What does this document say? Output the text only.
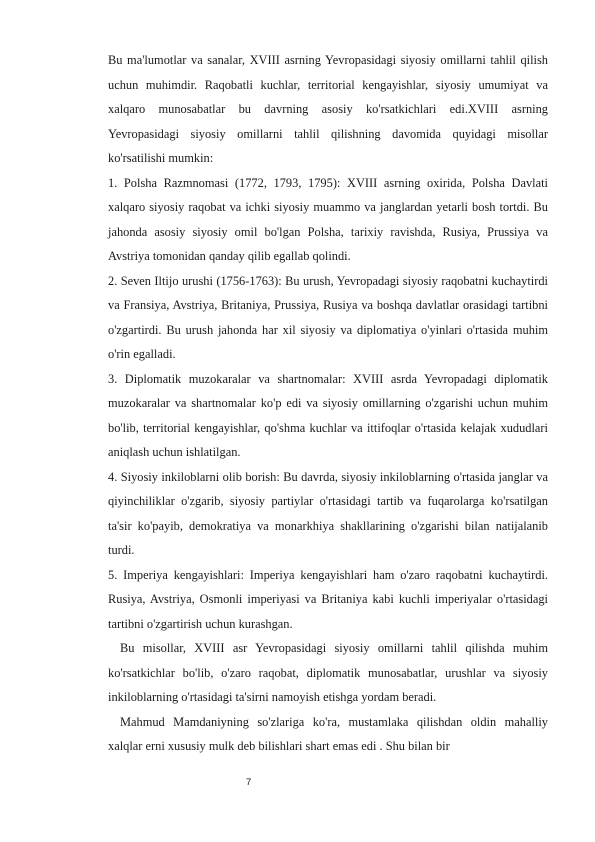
Bu ma'lumotlar va sanalar, XVIII asrning Yevropasidagi siyosiy omillarni tahlil qilish uchun muhimdir. Raqobatli kuchlar, territorial kengayishlar, siyosiy umumiyat va xalqaro munosabatlar bu davrning asosiy ko'rsatkichlari edi.XVIII asrning Yevropasidagi siyosiy omillarni tahlil qilishning davomida quyidagi misollar ko'rsatilishi mumkin:

1. Polsha Razmnomasi (1772, 1793, 1795): XVIII asrning oxirida, Polsha Davlati xalqaro siyosiy raqobat va ichki siyosiy muammo va janglardan yetarli bosh tortdi. Bu jahonda asosiy siyosiy omil bo'lgan Polsha, tarixiy ravishda, Rusiya, Prussiya va Avstriya tomonidan qanday qilib egallab qolindi.

2. Seven Iltijo urushi (1756-1763): Bu urush, Yevropadagi siyosiy raqobatni kuchaytirdi va Fransiya, Avstriya, Britaniya, Prussiya, Rusiya va boshqa davlatlar orasidagi tartibni o'zgartirdi. Bu urush jahonda har xil siyosiy va diplomatiya o'yinlari o'rtasida muhim o'rin egalladi.

3. Diplomatik muzokaralar va shartnomalar: XVIII asrda Yevropadagi diplomatik muzokaralar va shartnomalar ko'p edi va siyosiy omillarning o'zgarishi uchun muhim bo'lib, territorial kengayishlar, qo'shma kuchlar va ittifoqlar o'rtasida kelajak xududlari aniqlash uchun ishlatilgan.

4. Siyosiy inkiloblarni olib borish: Bu davrda, siyosiy inkiloblarning o'rtasida janglar va qiyinchiliklar o'zgarib, siyosiy partiylar o'rtasidagi tartib va fuqarolarga ko'rsatilgan ta'sir ko'payib, demokratiya va monarkhiya shakllarining o'zgarishi bilan natijalanib turdi.

5. Imperiya kengayishlari: Imperiya kengayishlari ham o'zaro raqobatni kuchaytirdi. Rusiya, Avstriya, Osmonli imperiyasi va Britaniya kabi kuchli imperiyalar o'rtasidagi tartibni o'zgartirish uchun kurashgan.

Bu misollar, XVIII asr Yevropasidagi siyosiy omillarni tahlil qilishda muhim ko'rsatkichlar bo'lib, o'zaro raqobat, diplomatik munosabatlar, urushlar va siyosiy inkiloblarning o'rtasidagi ta'sirni namoyish etishga yordam beradi.

Mahmud Mamdaniyning so'zlariga ko'ra, mustamlaka qilishdan oldin mahalliy xalqlar erni xususiy mulk deb bilishlari shart emas edi . Shu bilan bir

7
